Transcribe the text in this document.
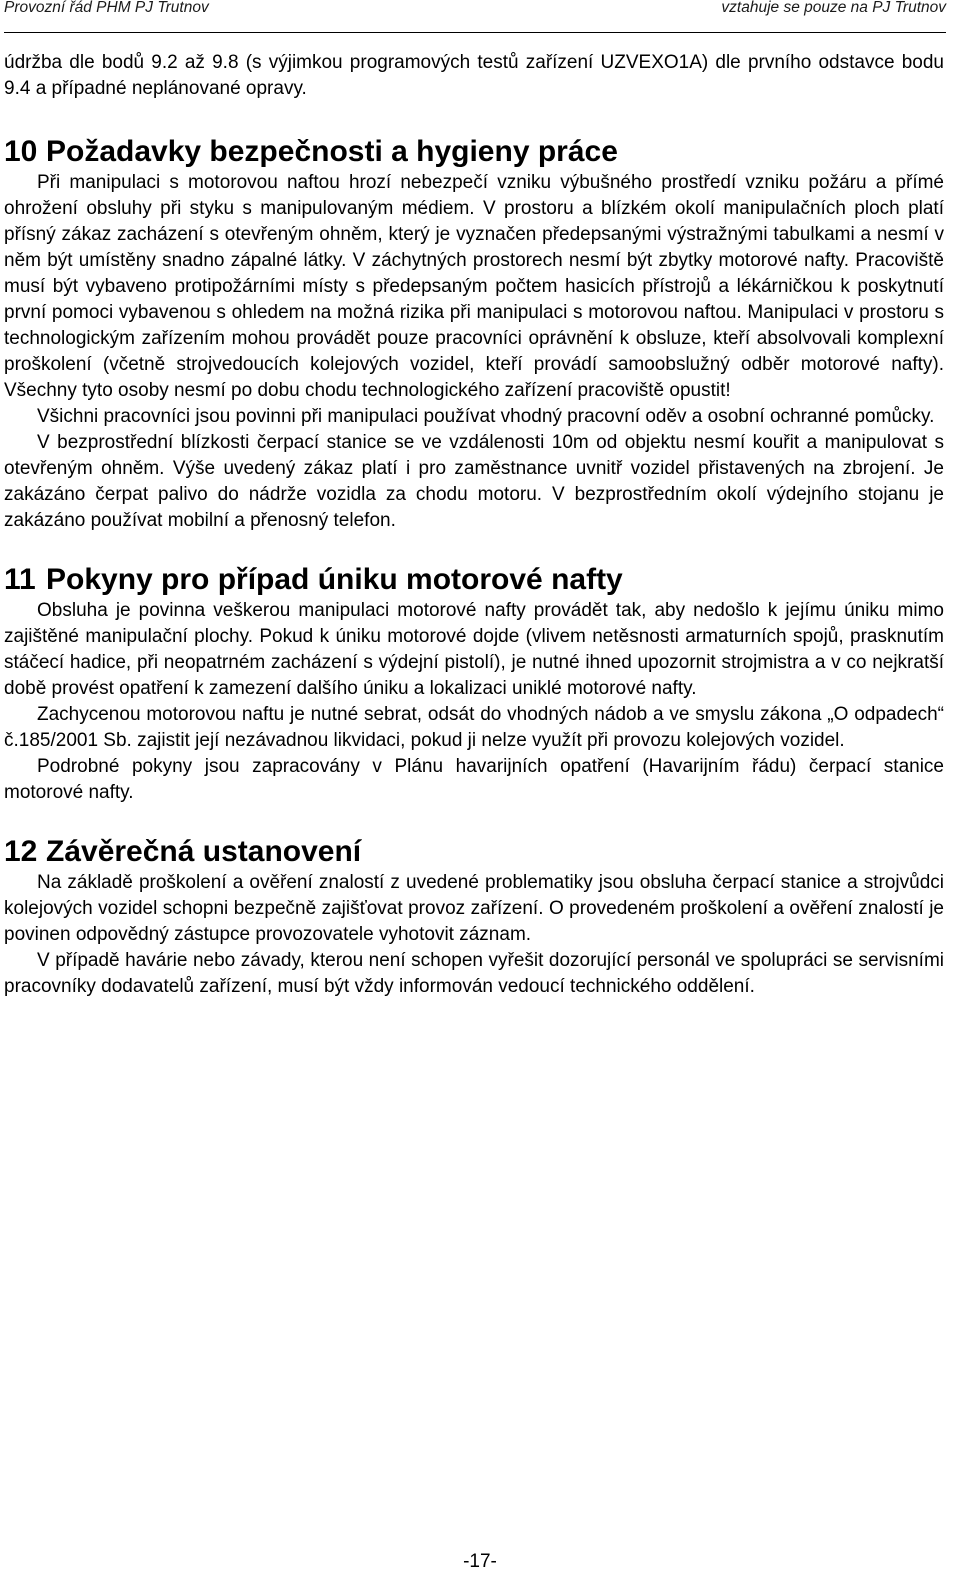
Provozní řád PHM PJ Trutnov	vztahuje se pouze na PJ Trutnov

údržba dle bodů 9.2 až 9.8 (s výjimkou programových testů zařízení UZVEXO1A) dle prvního odstavce bodu 9.4 a případné neplánované opravy.

10 Požadavky bezpečnosti a hygieny práce

Při manipulaci s motorovou naftou hrozí nebezpečí vzniku výbušného prostředí vzniku požáru a přímé ohrožení obsluhy při styku s manipulovaným médiem. V prostoru a blízkém okolí manipulačních ploch platí přísný zákaz zacházení s otevřeným ohněm, který je vyznačen předepsanými výstražnými tabulkami a nesmí v něm být umístěny snadno zápalné látky. V záchytných prostorech nesmí být zbytky motorové nafty. Pracoviště musí být vybaveno protipožárními místy s předepsaným počtem hasicích přístrojů a lékárničkou k poskytnutí první pomoci vybavenou s ohledem na možná rizika při manipulaci s motorovou naftou. Manipulaci v prostoru s technologickým zařízením mohou provádět pouze pracovníci oprávnění k obsluze, kteří absolvovali komplexní proškolení (včetně strojvedoucích kolejových vozidel, kteří provádí samoobslužný odběr motorové nafty). Všechny tyto osoby nesmí po dobu chodu technologického zařízení pracoviště opustit!

Všichni pracovníci jsou povinni při manipulaci používat vhodný pracovní oděv a osobní ochranné pomůcky.

V bezprostřední blízkosti čerpací stanice se ve vzdálenosti 10m od objektu nesmí kouřit a manipulovat s otevřeným ohněm. Výše uvedený zákaz platí i pro zaměstnance uvnitř vozidel přistavených na zbrojení. Je zakázáno čerpat palivo do nádrže vozidla za chodu motoru. V bezprostředním okolí výdejního stojanu je zakázáno používat mobilní a přenosný telefon.

11 Pokyny pro případ úniku motorové nafty

Obsluha je povinna veškerou manipulaci motorové nafty provádět tak, aby nedošlo k jejímu úniku mimo zajištěné manipulační plochy. Pokud k úniku motorové dojde (vlivem netěsnosti armaturních spojů, prasknutím stáčecí hadice, při neopatrném zacházení s výdejní pistolí), je nutné ihned upozornit strojmistra a v co nejkratší době provést opatření k zamezení dalšího úniku a lokalizaci uniklé motorové nafty.

Zachycenou motorovou naftu je nutné sebrat, odsát do vhodných nádob a ve smyslu zákona „O odpadech“ č.185/2001 Sb. zajistit její nezávadnou likvidaci, pokud ji nelze využít při provozu kolejových vozidel.

Podrobné pokyny jsou zapracovány v Plánu havarijních opatření (Havarijním řádu) čerpací stanice motorové nafty.

12 Závěrečná ustanovení

Na základě proškolení a ověření znalostí z uvedené problematiky jsou obsluha čerpací stanice a strojvůdci kolejových vozidel schopni bezpečně zajišťovat provoz zařízení. O provedeném proškolení a ověření znalostí je povinen odpovědný zástupce provozovatele vyhotovit záznam.

V případě havárie nebo závady, kterou není schopen vyřešit dozorující personál ve spolupráci se servisními pracovníky dodavatelů zařízení, musí být vždy informován vedoucí technického oddělení.

-17-
